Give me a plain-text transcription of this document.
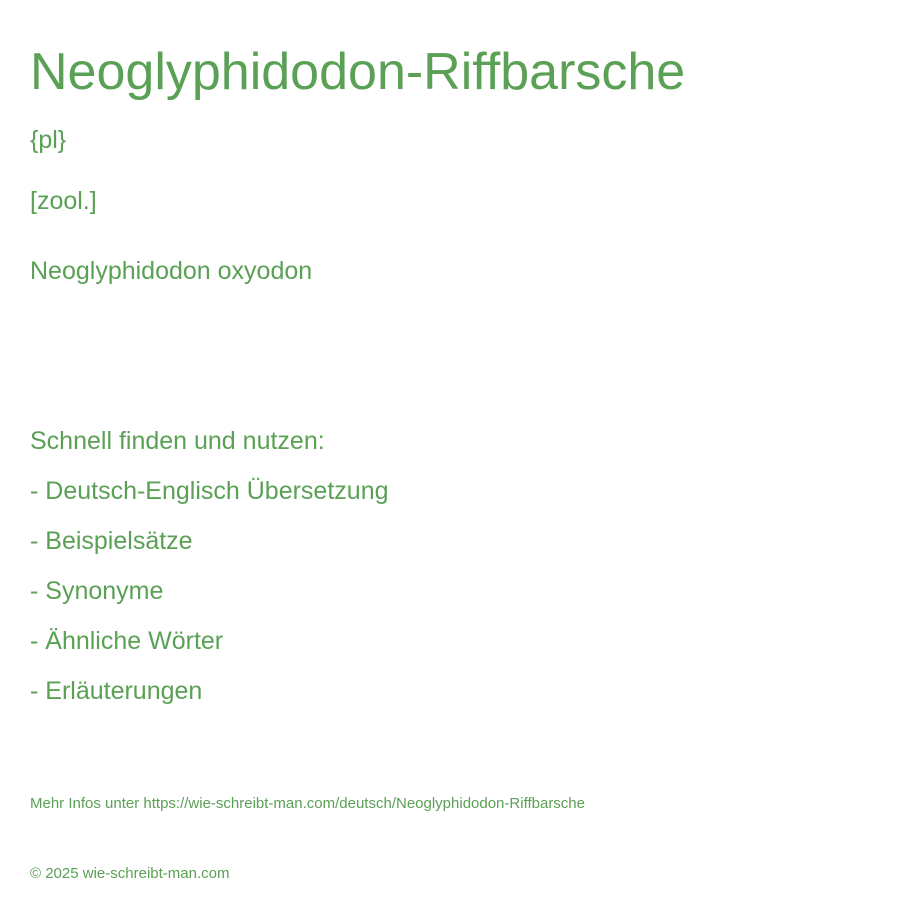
Neoglyphidodon-Riffbarsche
{pl}
[zool.]
Neoglyphidodon oxyodon
Schnell finden und nutzen:
- Deutsch-Englisch Übersetzung
- Beispielsätze
- Synonyme
- Ähnliche Wörter
- Erläuterungen
Mehr Infos unter https://wie-schreibt-man.com/deutsch/Neoglyphidodon-Riffbarsche
© 2025 wie-schreibt-man.com
